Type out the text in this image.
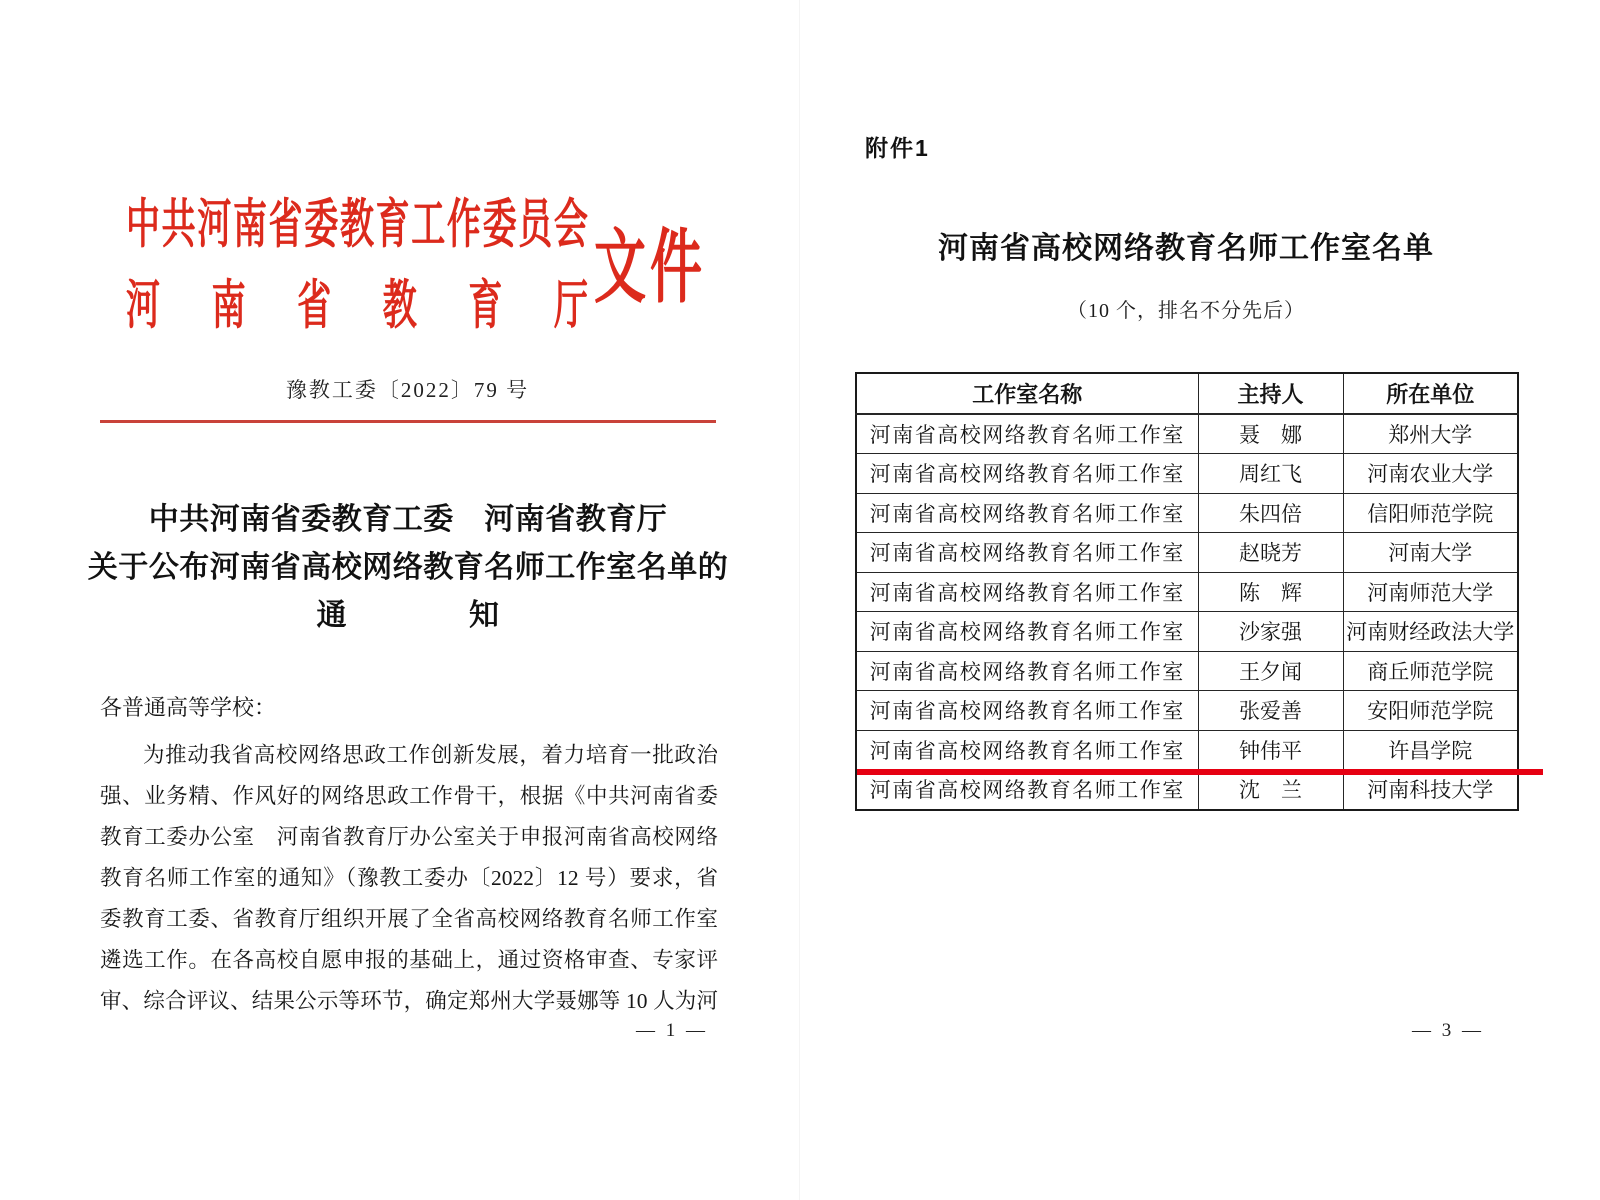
中 共 河 南 省 委 教 育 工 作 委 员 会
河 南 省 教 育 厅 文件
豫教工委〔2022〕79 号
中共河南省委教育工委　河南省教育厅
关于公布河南省高校网络教育名师工作室名单的
通　　　　知
各普通高等学校：
为推动我省高校网络思政工作创新发展，着力培育一批政治
强、业务精、作风好的网络思政工作骨干，根据《中共河南省委
教育工委办公室　河南省教育厅办公室关于申报河南省高校网络
教育名师工作室的通知》（豫教工委办〔2022〕12 号）要求，省
委教育工委、省教育厅组织开展了全省高校网络教育名师工作室
遴选工作。在各高校自愿申报的基础上，通过资格审查、专家评
审、综合评议、结果公示等环节，确定郑州大学聂娜等 10 人为河
— 1 —
附件1
河南省高校网络教育名师工作室名单
（10 个，排名不分先后）
工作室名称	主持人	所在单位
河南省高校网络教育名师工作室	聂　娜	郑州大学
河南省高校网络教育名师工作室	周红飞	河南农业大学
河南省高校网络教育名师工作室	朱四倍	信阳师范学院
河南省高校网络教育名师工作室	赵晓芳	河南大学
河南省高校网络教育名师工作室	陈　辉	河南师范大学
河南省高校网络教育名师工作室	沙家强	河南财经政法大学
河南省高校网络教育名师工作室	王夕闻	商丘师范学院
河南省高校网络教育名师工作室	张爱善	安阳师范学院
河南省高校网络教育名师工作室	钟伟平	许昌学院
河南省高校网络教育名师工作室	沈　兰	河南科技大学
— 3 —
